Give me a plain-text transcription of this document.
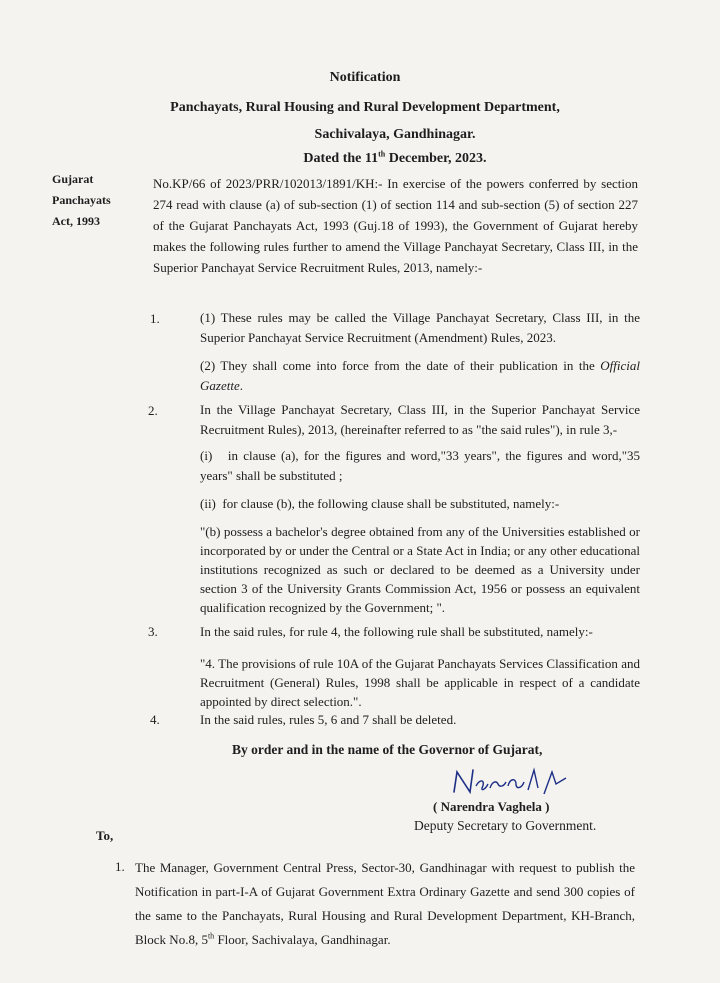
Notification
Panchayats, Rural Housing and Rural Development Department,
Sachivalaya, Gandhinagar.
Dated the 11th December, 2023.
Gujarat
Panchayats
Act, 1993
No.KP/66 of 2023/PRR/102013/1891/KH:- In exercise of the powers conferred by section 274 read with clause (a) of sub-section (1) of section 114 and sub-section (5) of section 227 of the Gujarat Panchayats Act, 1993 (Guj.18 of 1993), the Government of Gujarat hereby makes the following rules further to amend the Village Panchayat Secretary, Class III, in the Superior Panchayat Service Recruitment Rules, 2013, namely:-
1.	(1) These rules may be called the Village Panchayat Secretary, Class III, in the Superior Panchayat Service Recruitment (Amendment) Rules, 2023.
(2) They shall come into force from the date of their publication in the Official Gazette.
2.	In the Village Panchayat Secretary, Class III, in the Superior Panchayat Service Recruitment Rules), 2013, (hereinafter referred to as "the said rules"), in rule 3,-
(i)   in clause (a), for the figures and word,"33 years", the figures and word,"35 years" shall be substituted ;
(ii)  for clause (b), the following clause shall be substituted, namely:-
"(b) possess a bachelor's degree obtained from any of the Universities established or incorporated by or under the Central or a State Act in India; or any other educational institutions recognized as such or declared to be deemed as a University under section 3 of the University Grants Commission Act, 1956 or possess an equivalent qualification recognized by the Government; ".
3.	In the said rules, for rule 4, the following rule shall be substituted, namely:-
"4. The provisions of rule 10A of the Gujarat Panchayats Services Classification and Recruitment (General) Rules, 1998 shall be applicable in respect of a candidate appointed by direct selection.".
4.	In the said rules, rules 5, 6 and 7 shall be deleted.
By order and in the name of the Governor of Gujarat,
( Narendra Vaghela )
Deputy Secretary to Government.
To,
1. The Manager, Government Central Press, Sector-30, Gandhinagar with request to publish the Notification in part-I-A of Gujarat Government Extra Ordinary Gazette and send 300 copies of the same to the Panchayats, Rural Housing and Rural Development Department, KH-Branch, Block No.8, 5th Floor, Sachivalaya, Gandhinagar.
